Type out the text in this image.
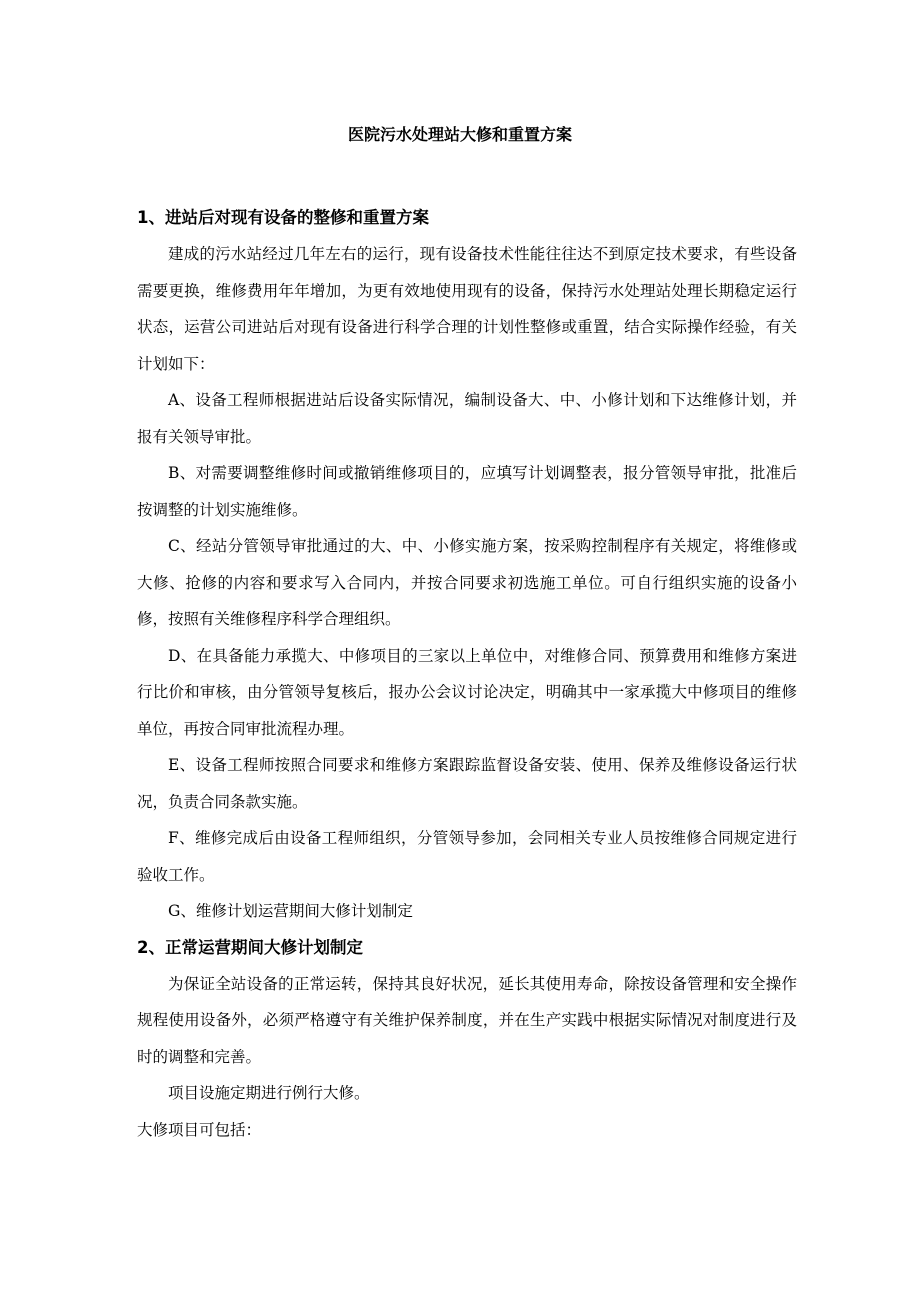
医院污水处理站大修和重置方案

1、进站后对现有设备的整修和重置方案

建成的污水站经过几年左右的运行，现有设备技术性能往往达不到原定技术要求，有些设备需要更换，维修费用年年增加，为更有效地使用现有的设备，保持污水处理站处理长期稳定运行状态，运营公司进站后对现有设备进行科学合理的计划性整修或重置，结合实际操作经验，有关计划如下：

A、设备工程师根据进站后设备实际情况，编制设备大、中、小修计划和下达维修计划，并报有关领导审批。

B、对需要调整维修时间或撤销维修项目的，应填写计划调整表，报分管领导审批，批准后按调整的计划实施维修。

C、经站分管领导审批通过的大、中、小修实施方案，按采购控制程序有关规定，将维修或大修、抢修的内容和要求写入合同内，并按合同要求初选施工单位。可自行组织实施的设备小修，按照有关维修程序科学合理组织。

D、在具备能力承揽大、中修项目的三家以上单位中，对维修合同、预算费用和维修方案进行比价和审核，由分管领导复核后，报办公会议讨论决定，明确其中一家承揽大中修项目的维修单位，再按合同审批流程办理。

E、设备工程师按照合同要求和维修方案跟踪监督设备安装、使用、保养及维修设备运行状况，负责合同条款实施。

F、维修完成后由设备工程师组织，分管领导参加，会同相关专业人员按维修合同规定进行验收工作。

G、维修计划运营期间大修计划制定

2、正常运营期间大修计划制定

为保证全站设备的正常运转，保持其良好状况，延长其使用寿命，除按设备管理和安全操作规程使用设备外，必须严格遵守有关维护保养制度，并在生产实践中根据实际情况对制度进行及时的调整和完善。

项目设施定期进行例行大修。

大修项目可包括：
